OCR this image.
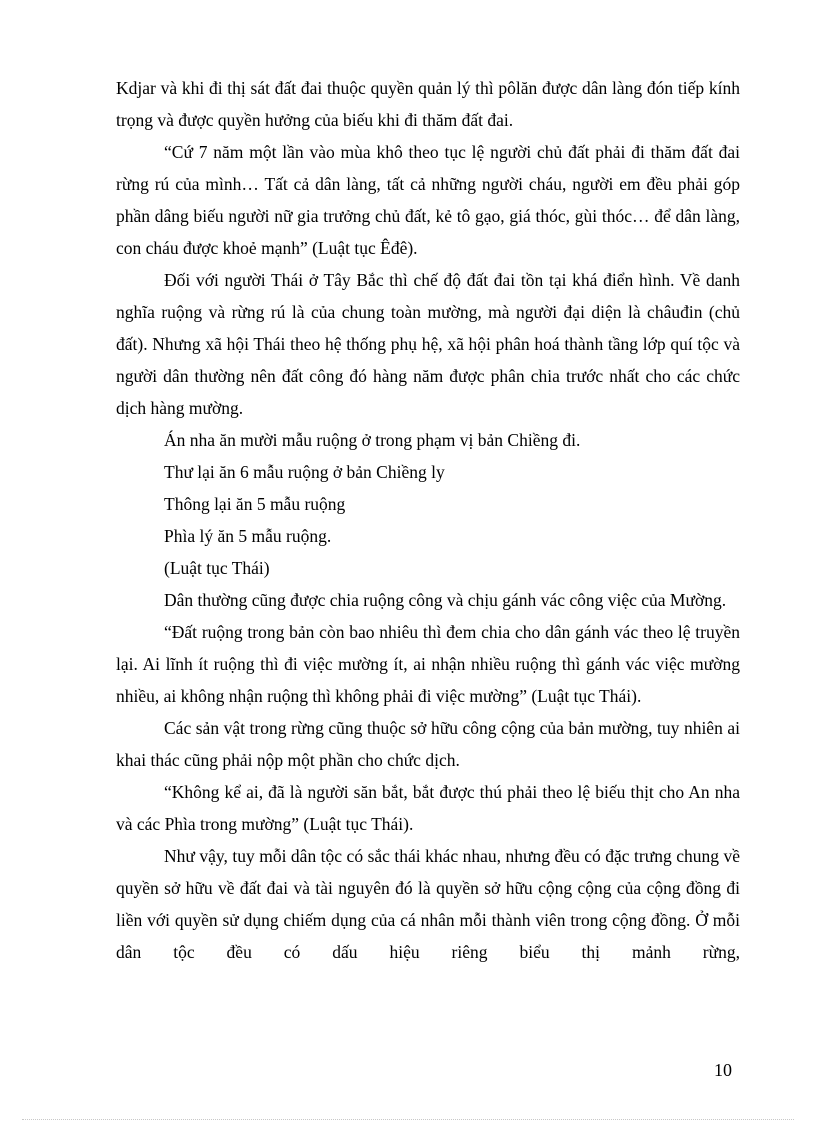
Kdjar và khi đi thị sát đất đai thuộc quyền quản lý thì pôlăn được dân làng đón tiếp kính trọng và được quyền hưởng của biếu khi đi thăm đất đai.

“Cứ 7 năm một lần vào mùa khô theo tục lệ người chủ đất phải đi thăm đất đai rừng rú của mình… Tất cả dân làng, tất cả những người cháu, người em đều phải góp phần dâng biếu người nữ gia trưởng chủ đất, kẻ tô gạo, giá thóc, gùi thóc… để dân làng, con cháu được khoẻ mạnh” (Luật tục Êđê).

Đối với người Thái ở Tây Bắc thì chế độ đất đai tồn tại khá điển hình. Về danh nghĩa ruộng và rừng rú là của chung toàn mường, mà người đại diện là châuđin (chủ đất). Nhưng xã hội Thái theo hệ thống phụ hệ, xã hội phân hoá thành tầng lớp quí tộc và người dân thường nên đất công đó hàng năm được phân chia trước nhất cho các chức dịch hàng mường.

Án nha ăn mười mẫu ruộng ở trong phạm vị bản Chiềng đi.

Thư lại ăn 6 mẫu ruộng ở bản Chiềng ly

Thông lại ăn 5 mẫu ruộng

Phìa lý ăn 5 mẫu ruộng.

(Luật tục Thái)

Dân thường cũng được chia ruộng công và chịu gánh vác công việc của Mường.

“Đất ruộng trong bản còn bao nhiêu thì đem chia cho dân gánh vác theo lệ truyền lại. Ai lĩnh ít ruộng thì đi việc mường ít, ai nhận nhiều ruộng thì gánh vác việc mường nhiều, ai không nhận ruộng thì không phải đi việc mường” (Luật tục Thái).

Các sản vật trong rừng cũng thuộc sở hữu công cộng của bản mường, tuy nhiên ai khai thác cũng phải nộp một phần cho chức dịch.

“Không kể ai, đã là người săn bắt, bắt được thú phải theo lệ biếu thịt cho An nha và các Phìa trong mường” (Luật tục Thái).

Như vậy, tuy mỗi dân tộc có sắc thái khác nhau, nhưng đều có đặc trưng chung về quyền sở hữu về đất đai và tài nguyên đó là quyền sở hữu cộng cộng của cộng đồng đi liền với quyền sử dụng chiếm dụng của cá nhân mỗi thành viên trong cộng đồng. Ở mỗi dân tộc đều có dấu hiệu riêng biểu thị mảnh rừng,

10
